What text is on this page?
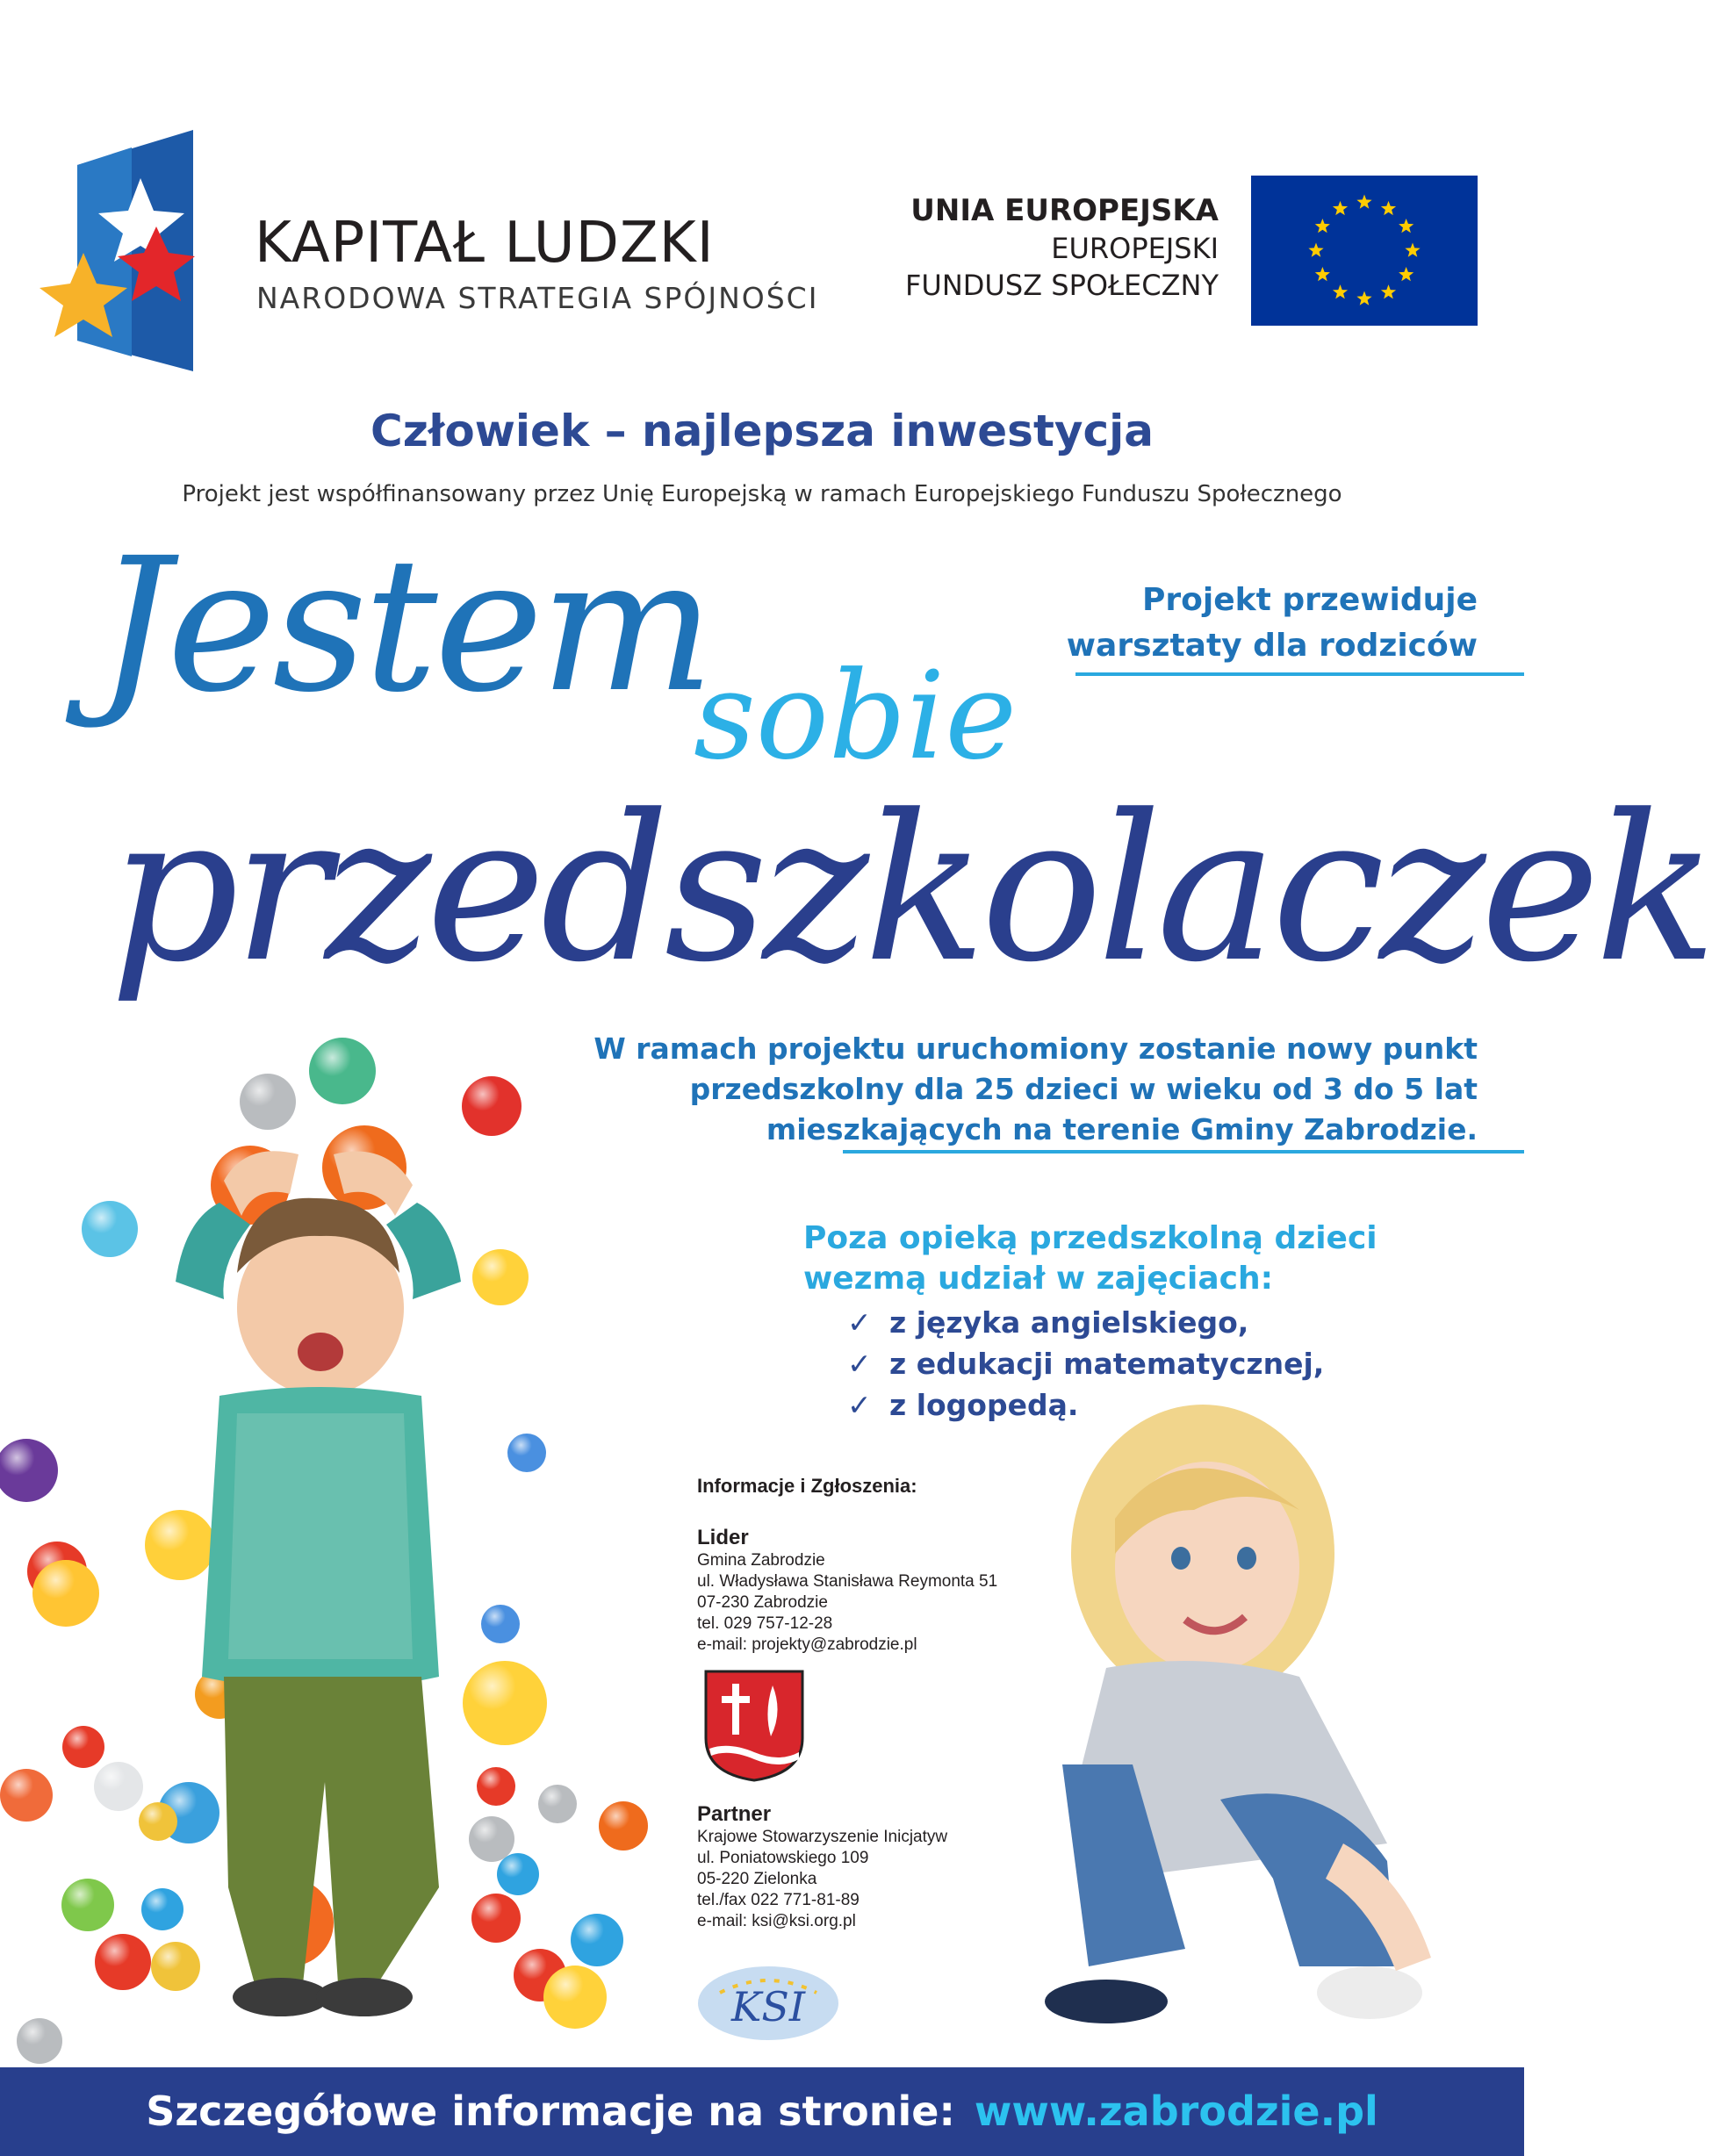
KAPITAŁ LUDZKI
NARODOWA STRATEGIA SPÓJNOŚCI
UNIA EUROPEJSKA
EUROPEJSKI
FUNDUSZ SPOŁECZNY
Człowiek – najlepsza inwestycja
Projekt jest współfinansowany przez Unię Europejską w ramach Europejskiego Funduszu Społecznego
Jestem
sobie
przedszkolaczek
Projekt przewiduje
warsztaty dla rodziców
W ramach projektu uruchomiony zostanie nowy punkt
przedszkolny dla 25 dzieci w wieku od 3 do 5 lat
mieszkających na terenie Gminy Zabrodzie.
Poza opieką przedszkolną dzieci
wezmą udział w zajęciach:
✓ z języka angielskiego,
✓ z edukacji matematycznej,
✓ z logopedą.
Informacje i Zgłoszenia:
Lider
Gmina Zabrodzie
ul. Władysława Stanisława Reymonta 51
07-230 Zabrodzie
tel. 029 757-12-28
e-mail: projekty@zabrodzie.pl
Partner
Krajowe Stowarzyszenie Inicjatyw
ul. Poniatowskiego 109
05-220 Zielonka
tel./fax 022 771-81-89
e-mail: ksi@ksi.org.pl
KSI
Szczegółowe informacje na stronie: www.zabrodzie.pl
